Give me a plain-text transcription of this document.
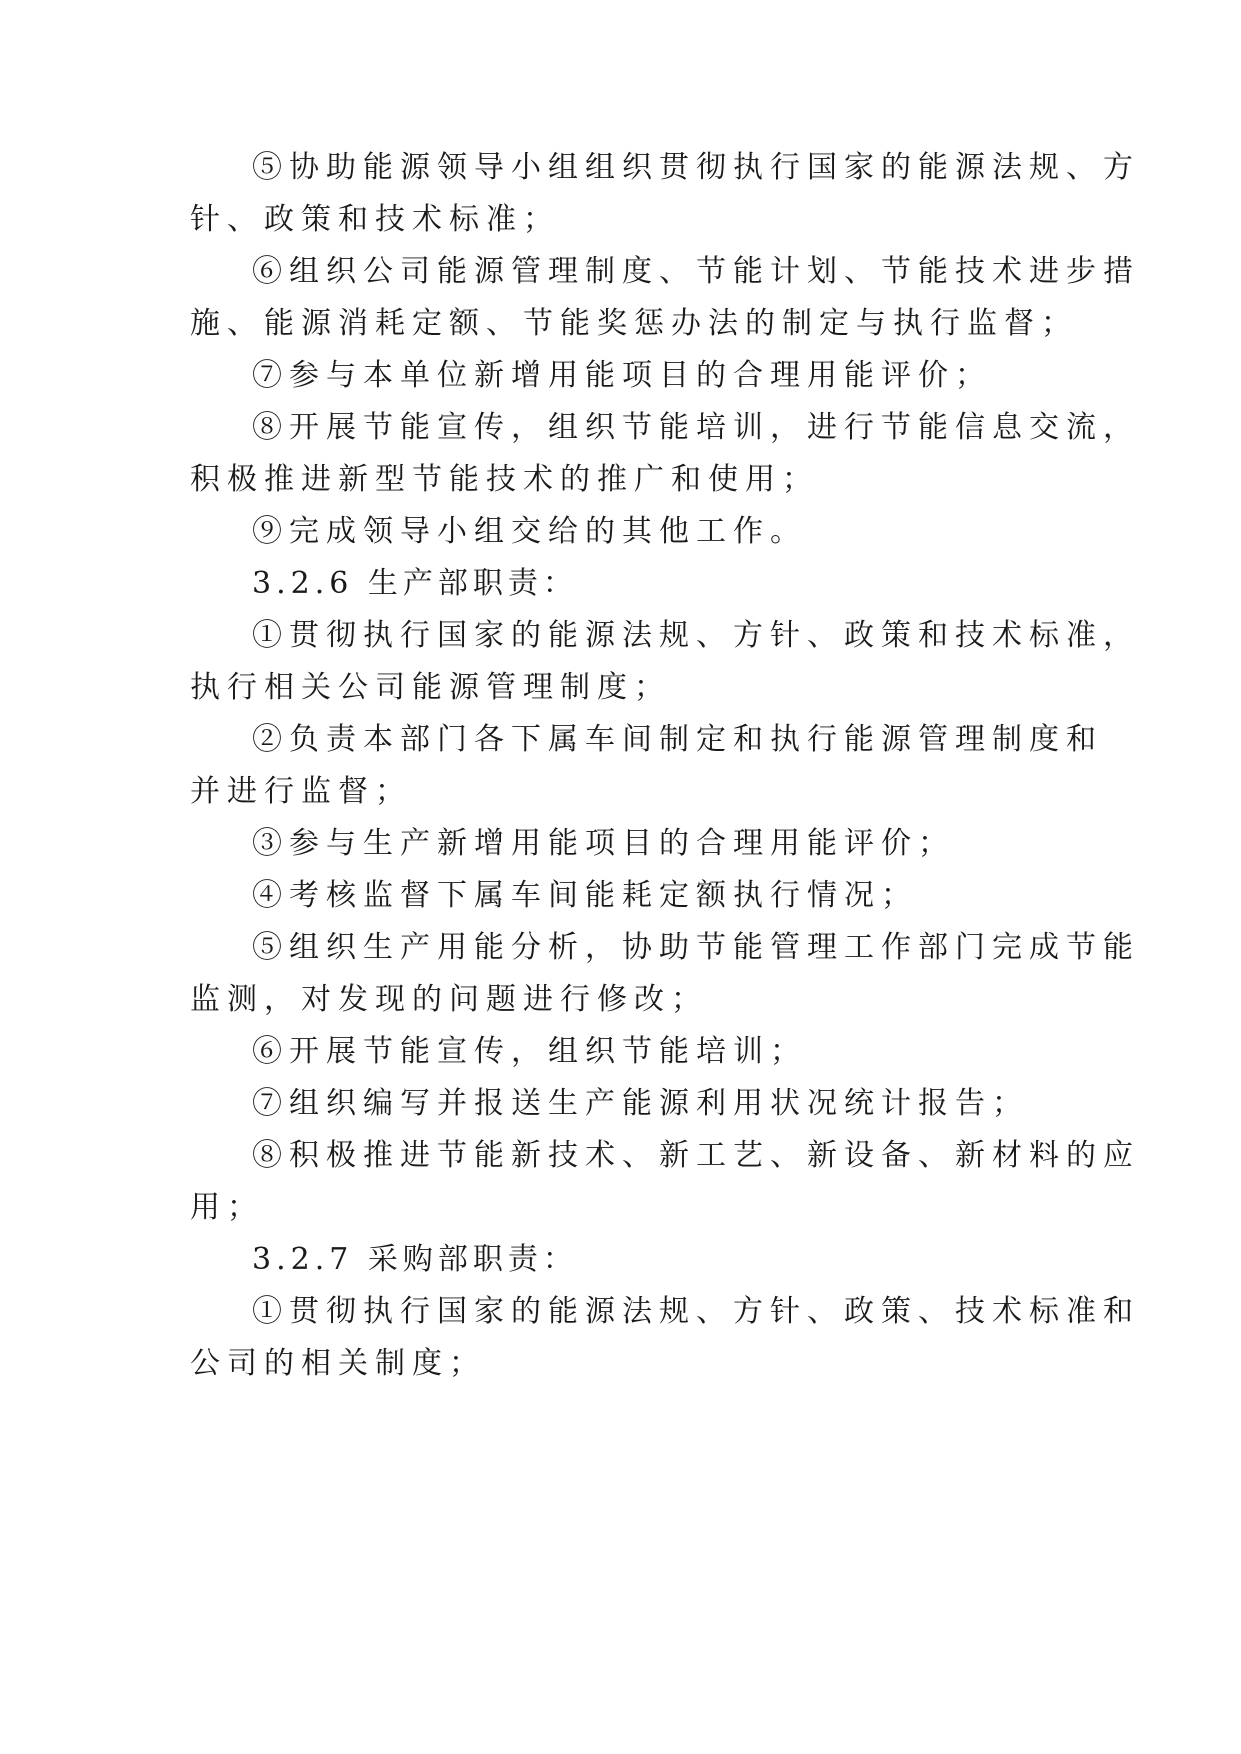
⑤协助能源领导小组组织贯彻执行国家的能源法规、方
针、政策和技术标准；
⑥组织公司能源管理制度、节能计划、节能技术进步措
施、能源消耗定额、节能奖惩办法的制定与执行监督；
⑦参与本单位新增用能项目的合理用能评价；
⑧开展节能宣传，组织节能培训，进行节能信息交流，
积极推进新型节能技术的推广和使用；
⑨完成领导小组交给的其他工作。
3.2.6 生产部职责：
①贯彻执行国家的能源法规、方针、政策和技术标准，
执行相关公司能源管理制度；
②负责本部门各下属车间制定和执行能源管理制度和
并进行监督；
③参与生产新增用能项目的合理用能评价；
④考核监督下属车间能耗定额执行情况；
⑤组织生产用能分析，协助节能管理工作部门完成节能
监测，对发现的问题进行修改；
⑥开展节能宣传，组织节能培训；
⑦组织编写并报送生产能源利用状况统计报告；
⑧积极推进节能新技术、新工艺、新设备、新材料的应
用；
3.2.7 采购部职责：
①贯彻执行国家的能源法规、方针、政策、技术标准和
公司的相关制度；
